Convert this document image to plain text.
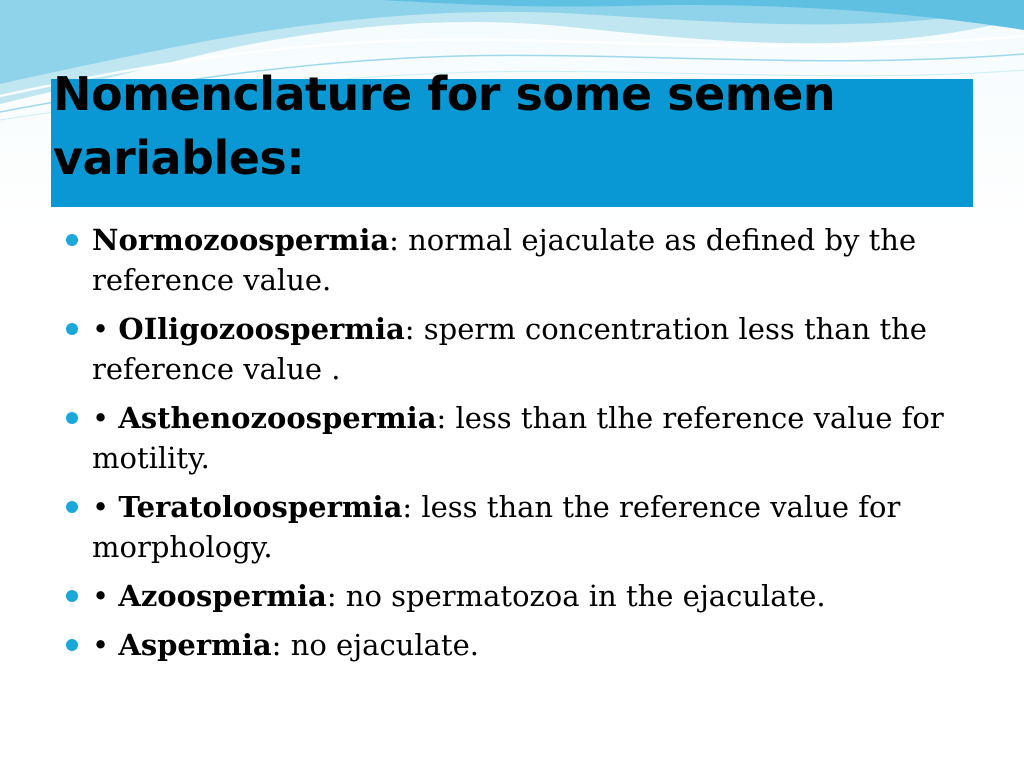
Nomenclature for some semen variables:
Normozoospermia: normal ejaculate as defined by the reference value.
• OIligozoospermia: sperm concentration less than the reference value .
• Asthenozoospermia: less than tlhe reference value for motility.
• Teratoloospermia: less than the reference value for morphology.
• Azoospermia: no spermatozoa in the ejaculate.
• Aspermia: no ejaculate.
